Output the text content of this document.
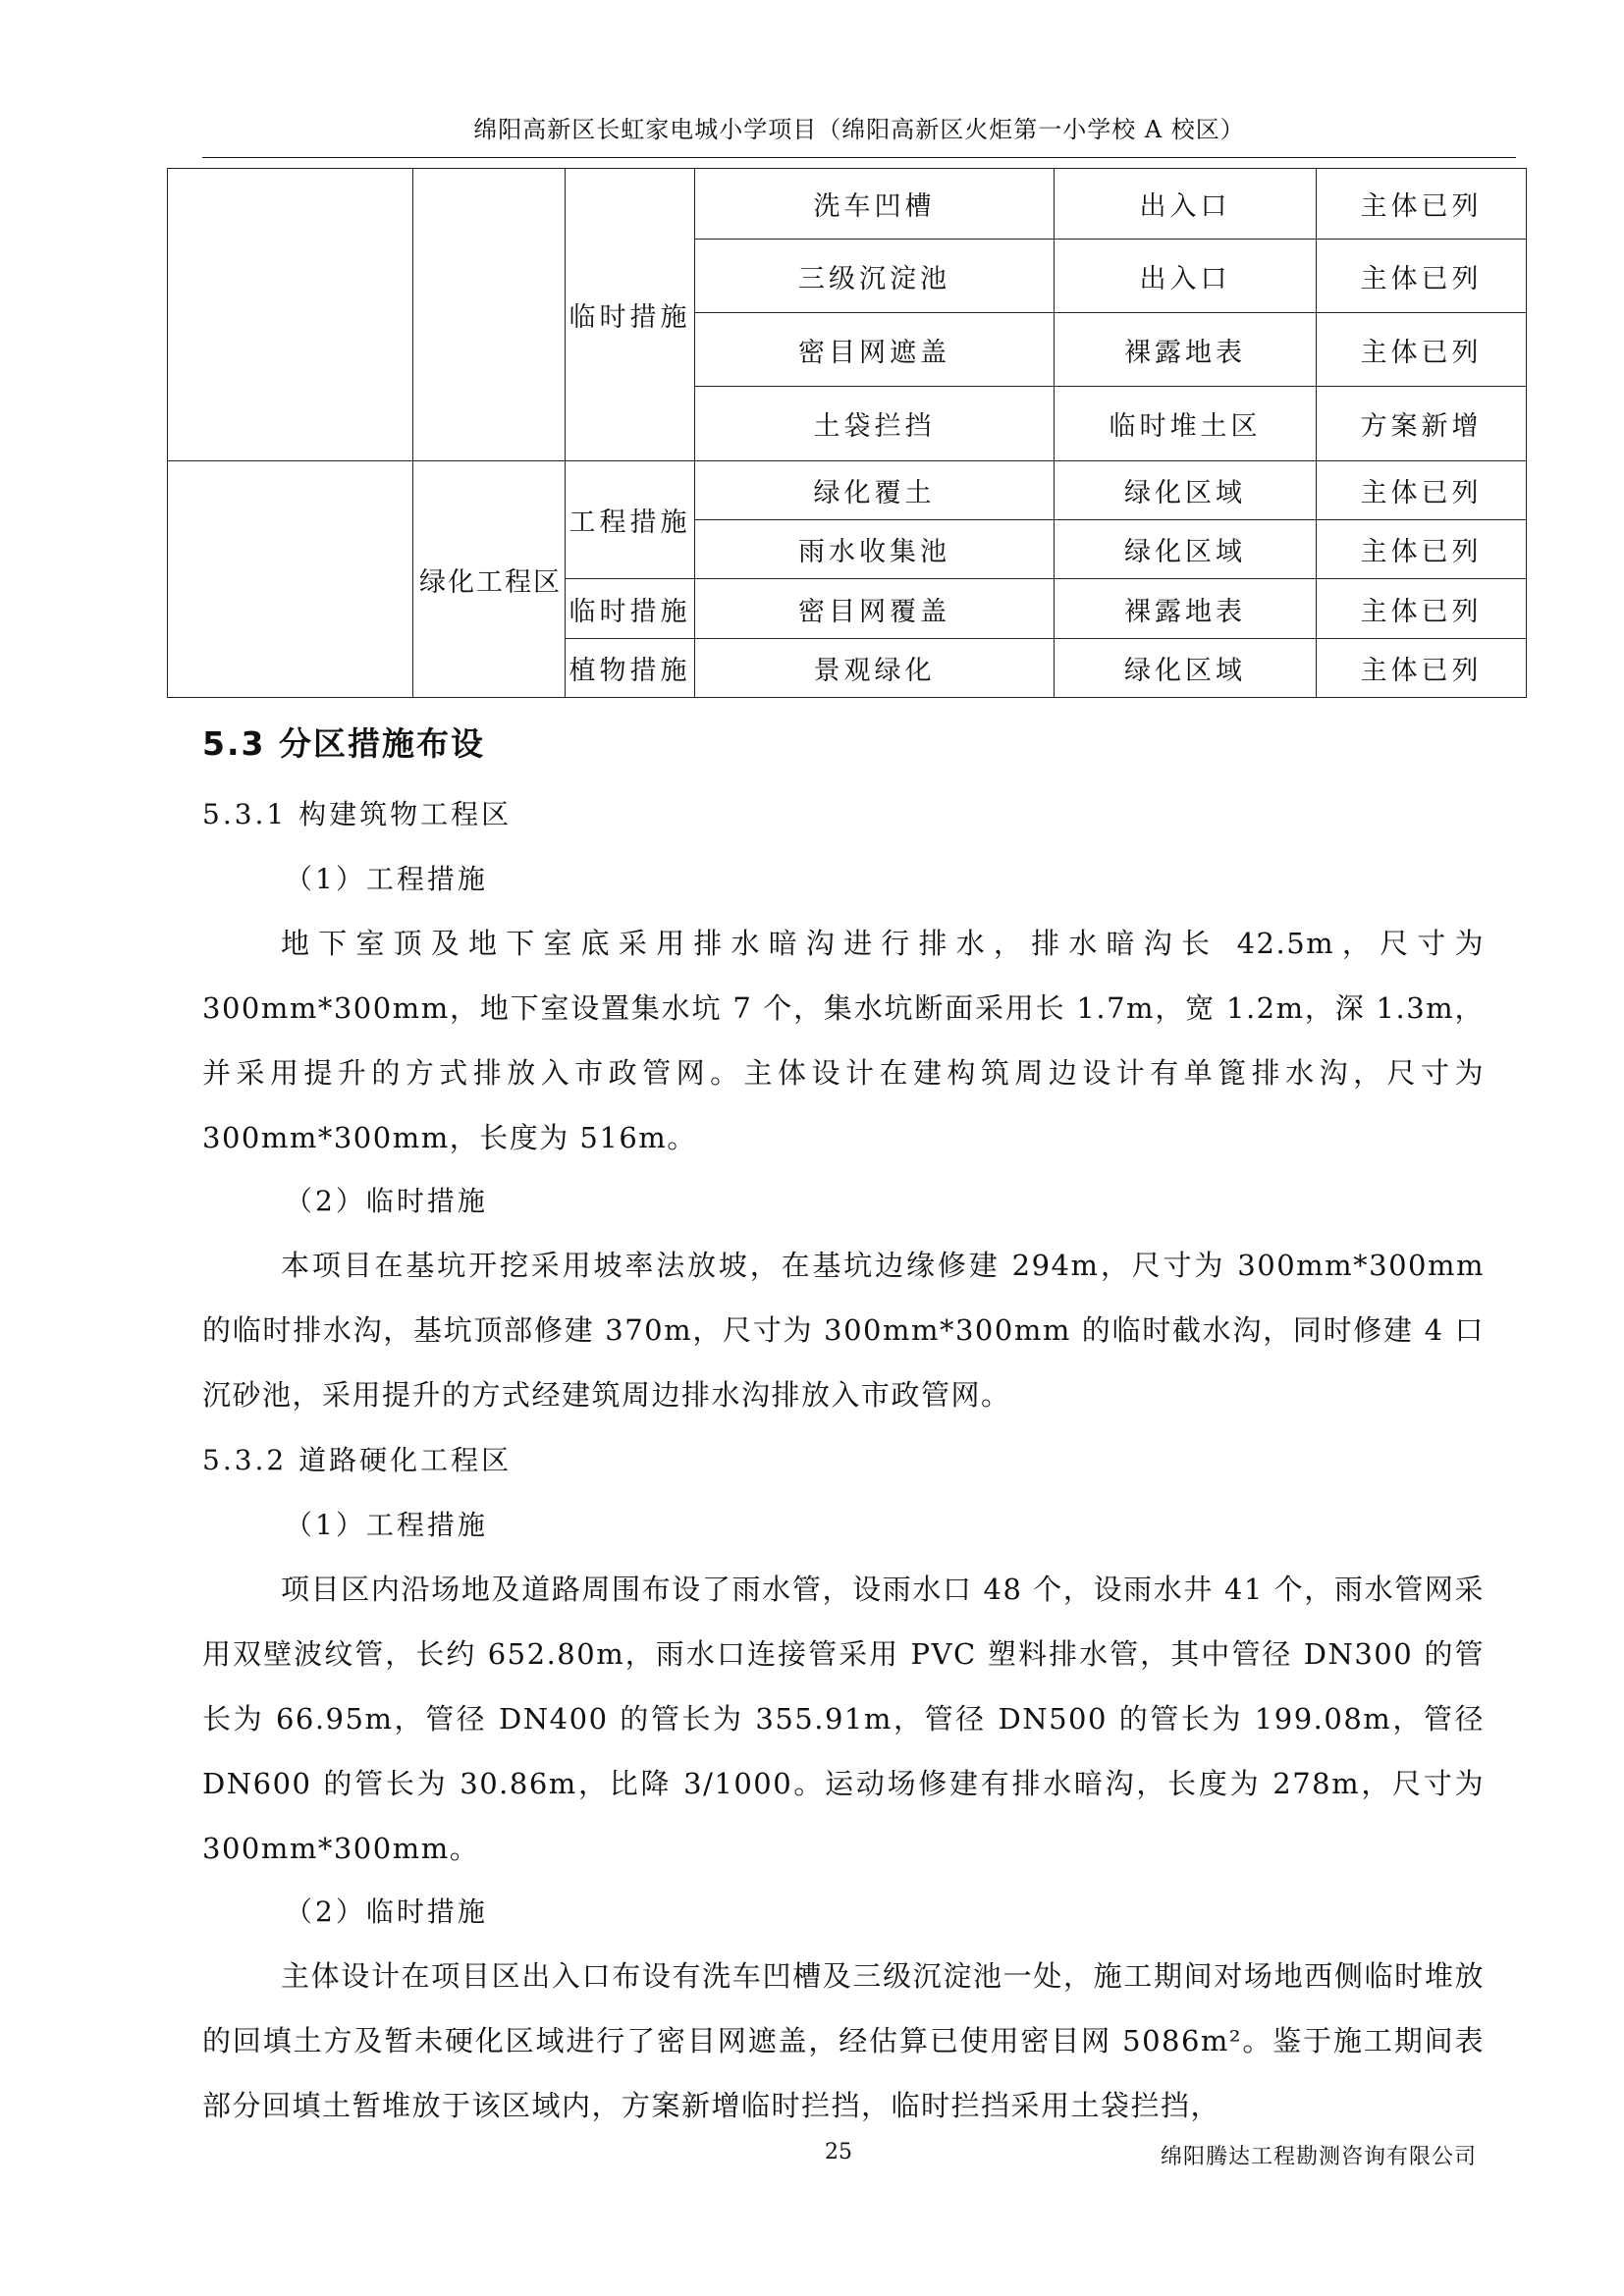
绵阳高新区长虹家电城小学项目（绵阳高新区火炬第一小学校 A 校区）
		临时措施	洗车凹槽	出入口	主体已列
			三级沉淀池	出入口	主体已列
			密目网遮盖	裸露地表	主体已列
			土袋拦挡	临时堆土区	方案新增
	绿化工程区	工程措施	绿化覆土	绿化区域	主体已列
			雨水收集池	绿化区域	主体已列
		临时措施	密目网覆盖	裸露地表	主体已列
		植物措施	景观绿化	绿化区域	主体已列
5.3 分区措施布设
5.3.1 构建筑物工程区
（1）工程措施

地下室顶及地下室底采用排水暗沟进行排水，排水暗沟长 42.5m，尺寸为 300mm*300mm，地下室设置集水坑 7 个，集水坑断面采用长 1.7m，宽 1.2m，深 1.3m，并采用提升的方式排放入市政管网。主体设计在建构筑周边设计有单篦排水沟，尺寸为 300mm*300mm，长度为 516m。

（2）临时措施

本项目在基坑开挖采用坡率法放坡，在基坑边缘修建 294m，尺寸为 300mm*300mm 的临时排水沟，基坑顶部修建 370m，尺寸为 300mm*300mm 的临时截水沟，同时修建 4 口沉砂池，采用提升的方式经建筑周边排水沟排放入市政管网。

5.3.2 道路硬化工程区
（1）工程措施

项目区内沿场地及道路周围布设了雨水管，设雨水口 48 个，设雨水井 41 个，雨水管网采用双壁波纹管，长约 652.80m，雨水口连接管采用 PVC 塑料排水管，其中管径 DN300 的管长为 66.95m，管径 DN400 的管长为 355.91m，管径 DN500 的管长为 199.08m，管径 DN600 的管长为 30.86m，比降 3/1000。运动场修建有排水暗沟，长度为 278m，尺寸为 300mm*300mm。

（2）临时措施

主体设计在项目区出入口布设有洗车凹槽及三级沉淀池一处，施工期间对场地西侧临时堆放的回填土方及暂未硬化区域进行了密目网遮盖，经估算已使用密目网 5086m²。鉴于施工期间表部分回填土暂堆放于该区域内，方案新增临时拦挡，临时拦挡采用土袋拦挡，

25	绵阳腾达工程勘测咨询有限公司
